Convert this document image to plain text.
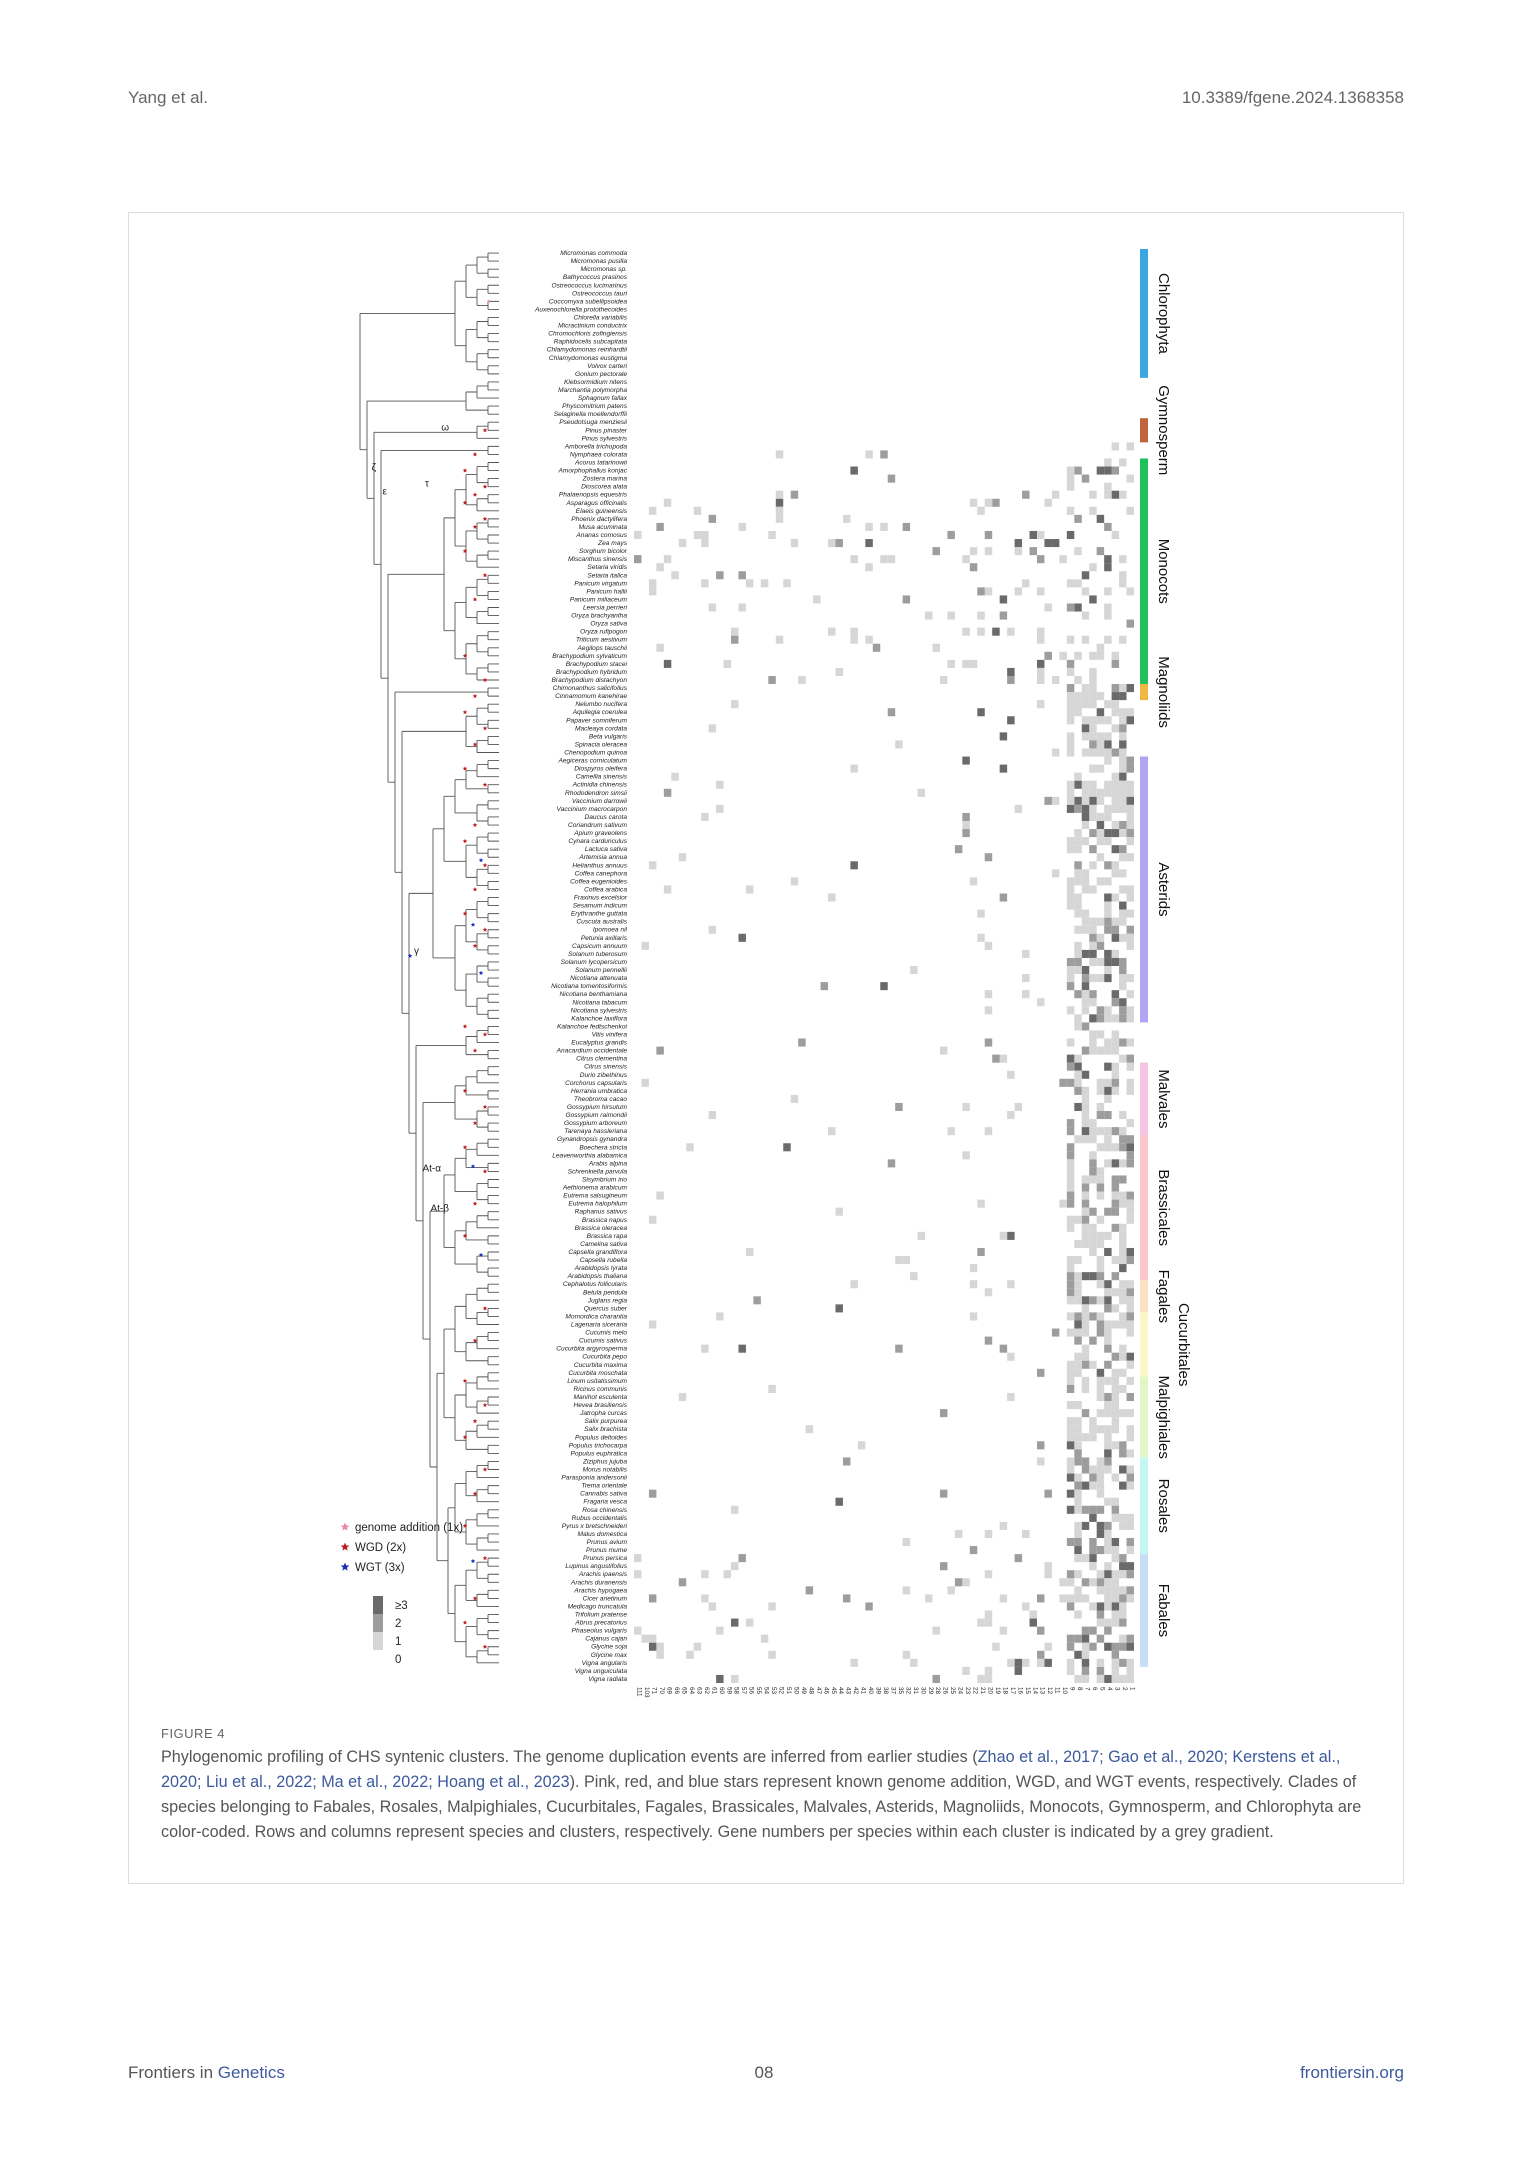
Yang et al.	10.3389/fgene.2024.1368358
ω
ζ
ε
τ
γ
At-α
At-β
Micromonas commoda
Micromonas pusilla
Micromonas sp.
Bathycoccus prasinos
Ostreococcus lucimarinus
Ostreococcus tauri
Coccomyxa subellipsoidea
Auxenochlorella protothecoides
Chlorella variabilis
Micractinium conductrix
Chromochloris zofingiensis
Raphidocelis subcapitata
Chlamydomonas reinhardtii
Chlamydomonas eustigma
Volvox carteri
Gonium pectorale
Klebsormidium nitens
Marchantia polymorpha
Sphagnum fallax
Physcomitrium patens
Selaginella moellendorffii
Pseudotsuga menziesii
Pinus pinaster
Pinus sylvestris
Amborella trichopoda
Nymphaea colorata
Acorus tatarinowii
Amorphophallus konjac
Zostera marina
Dioscorea alata
Phalaenopsis equestris
Asparagus officinalis
Elaeis guineensis
Phoenix dactylifera
Musa acuminata
Ananas comosus
Zea mays
Sorghum bicolor
Miscanthus sinensis
Setaria viridis
Setaria italica
Panicum virgatum
Panicum hallii
Panicum miliaceum
Leersia perrieri
Oryza brachyantha
Oryza sativa
Oryza rufipogon
Triticum aestivum
Aegilops tauschii
Brachypodium sylvaticum
Brachypodium stacei
Brachypodium hybridum
Brachypodium distachyon
Chimonanthus salicifolius
Cinnamomum kanehirae
Nelumbo nucifera
Aquilegia coerulea
Papaver somniferum
Macleaya cordata
Beta vulgaris
Spinacia oleracea
Chenopodium quinoa
Aegiceras corniculatum
Diospyros oleifera
Camellia sinensis
Actinidia chinensis
Rhododendron simsii
Vaccinium darrowii
Vaccinium macrocarpon
Daucus carota
Coriandrum sativum
Apium graveolens
Cynara cardunculus
Lactuca sativa
Artemisia annua
Helianthus annuus
Coffea canephora
Coffea eugenioides
Coffea arabica
Fraxinus excelsior
Sesamum indicum
Erythranthe guttata
Cuscuta australis
Ipomoea nil
Petunia axillaris
Capsicum annuum
Solanum tuberosum
Solanum lycopersicum
Solanum pennellii
Nicotiana attenuata
Nicotiana tomentosiformis
Nicotiana benthamiana
Nicotiana tabacum
Nicotiana sylvestris
Kalanchoe laxiflora
Kalanchoe fedtschenkoi
Vitis vinifera
Eucalyptus grandis
Anacardium occidentale
Citrus clementina
Citrus sinensis
Durio zibethinus
Corchorus capsularis
Herrania umbratica
Theobroma cacao
Gossypium hirsutum
Gossypium raimondii
Gossypium arboreum
Tarenaya hassleriana
Gynandropsis gynandra
Boechera stricta
Leavenworthia alabamica
Arabis alpina
Schrenkiella parvula
Sisymbrium irio
Aethionema arabicum
Eutrema salsugineum
Eutrema halophilum
Raphanus sativus
Brassica napus
Brassica oleracea
Brassica rapa
Camelina sativa
Capsella grandiflora
Capsella rubella
Arabidopsis lyrata
Arabidopsis thaliana
Cephalotus follicularis
Betula pendula
Juglans regia
Quercus suber
Momordica charantia
Lagenaria siceraria
Cucumis melo
Cucumis sativus
Cucurbita argyrosperma
Cucurbita pepo
Cucurbita maxima
Cucurbita moschata
Linum usitatissimum
Ricinus communis
Manihot esculenta
Hevea brasiliensis
Jatropha curcas
Salix purpurea
Salix brachista
Populus deltoides
Populus trichocarpa
Populus euphratica
Ziziphus jujuba
Morus notabilis
Parasponia andersonii
Trema orientale
Cannabis sativa
Fragaria vesca
Rosa chinensis
Rubus occidentalis
Pyrus x bretschneideri
Malus domestica
Prunus avium
Prunus mume
Prunus persica
Lupinus angustifolius
Arachis ipaensis
Arachis duranensis
Arachis hypogaea
Cicer arietinum
Medicago truncatula
Trifolium pratense
Abrus precatorius
Phaseolus vulgaris
Cajanus cajan
Glycine soja
Glycine max
Vigna angularis
Vigna unguiculata
Vigna radiata
1
2
3
4
5
6
7
8
9
10
11
12
13
14
15
16
17
18
19
20
21
22
23
24
25
26
28
29
30
31
32
35
37
38
39
40
41
42
43
44
45
46
47
48
49
50
51
52
53
54
55
56
57
58
59
60
61
62
63
64
65
66
69
70
71
103
111
Chlorophyta
Gymnosperm
Monocots
Magnoliids
Asterids
Malvales
Brassicales
Fagales
Cucurbitales
Malpighiales
Rosales
Fabales
genome addition (1x)
WGD (2x)
WGT (3x)
≥3
2
1
0
FIGURE 4
Phylogenomic profiling of CHS syntenic clusters. The genome duplication events are inferred from earlier studies (Zhao et al., 2017; Gao et al., 2020; Kerstens et al., 2020; Liu et al., 2022; Ma et al., 2022; Hoang et al., 2023). Pink, red, and blue stars represent known genome addition, WGD, and WGT events, respectively. Clades of species belonging to Fabales, Rosales, Malpighiales, Cucurbitales, Fagales, Brassicales, Malvales, Asterids, Magnoliids, Monocots, Gymnosperm, and Chlorophyta are color-coded. Rows and columns represent species and clusters, respectively. Gene numbers per species within each cluster is indicated by a grey gradient.
Frontiers in Genetics	08	frontiersin.org
